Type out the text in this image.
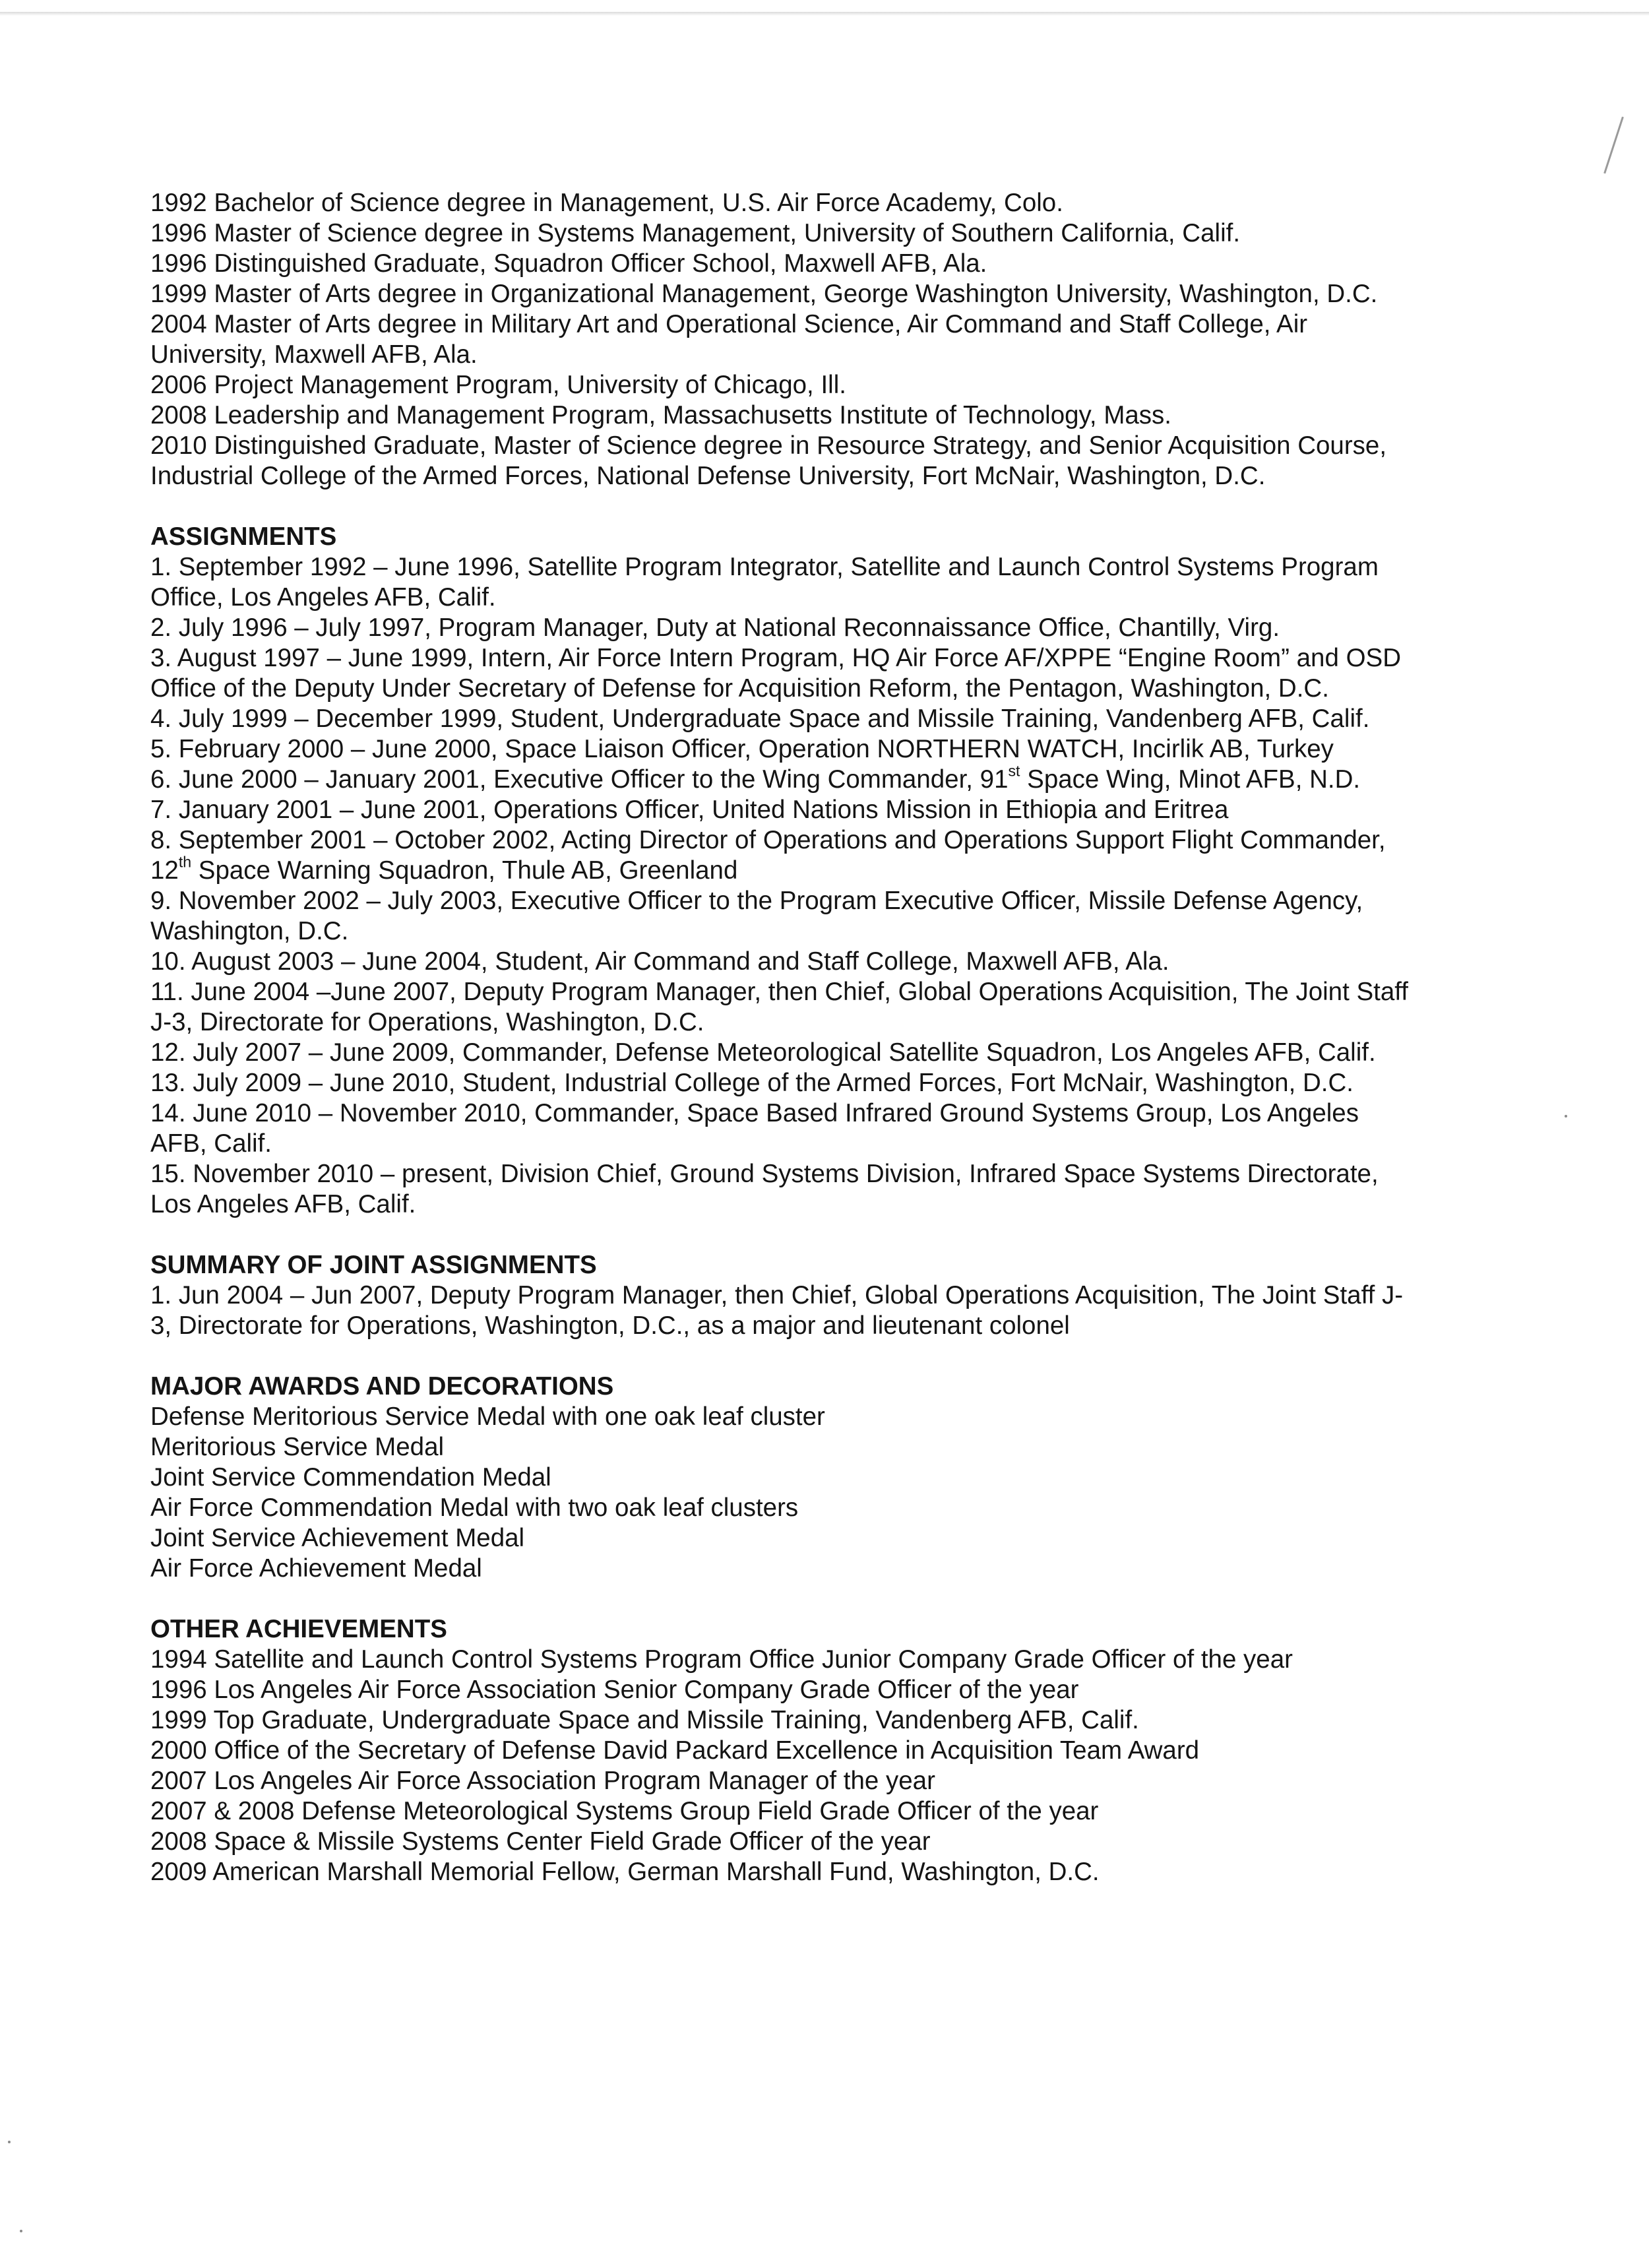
1992 Bachelor of Science degree in Management, U.S. Air Force Academy, Colo.
1996 Master of Science degree in Systems Management, University of Southern California, Calif.
1996 Distinguished Graduate, Squadron Officer School, Maxwell AFB, Ala.
1999 Master of Arts degree in Organizational Management, George Washington University, Washington, D.C.
2004 Master of Arts degree in Military Art and Operational Science, Air Command and Staff College, Air
University, Maxwell AFB, Ala.
2006 Project Management Program, University of Chicago, Ill.
2008 Leadership and Management Program, Massachusetts Institute of Technology, Mass.
2010 Distinguished Graduate, Master of Science degree in Resource Strategy, and Senior Acquisition Course,
Industrial College of the Armed Forces, National Defense University, Fort McNair, Washington, D.C.
ASSIGNMENTS
1. September 1992 – June 1996, Satellite Program Integrator, Satellite and Launch Control Systems Program
Office, Los Angeles AFB, Calif.
2. July 1996 – July 1997, Program Manager, Duty at National Reconnaissance Office, Chantilly, Virg.
3. August 1997 – June 1999, Intern, Air Force Intern Program, HQ Air Force AF/XPPE “Engine Room” and OSD
Office of the Deputy Under Secretary of Defense for Acquisition Reform, the Pentagon, Washington, D.C.
4. July 1999 – December 1999, Student, Undergraduate Space and Missile Training, Vandenberg AFB, Calif.
5. February 2000 – June 2000, Space Liaison Officer, Operation NORTHERN WATCH, Incirlik AB, Turkey
6. June 2000 – January 2001, Executive Officer to the Wing Commander, 91st Space Wing, Minot AFB, N.D.
7. January 2001 – June 2001, Operations Officer, United Nations Mission in Ethiopia and Eritrea
8. September 2001 – October 2002, Acting Director of Operations and Operations Support Flight Commander,
12th Space Warning Squadron, Thule AB, Greenland
9. November 2002 – July 2003, Executive Officer to the Program Executive Officer, Missile Defense Agency,
Washington, D.C.
10. August 2003 – June 2004, Student, Air Command and Staff College, Maxwell AFB, Ala.
11. June 2004 –June 2007, Deputy Program Manager, then Chief, Global Operations Acquisition, The Joint Staff
J-3, Directorate for Operations, Washington, D.C.
12. July 2007 – June 2009, Commander, Defense Meteorological Satellite Squadron, Los Angeles AFB, Calif.
13. July 2009 – June 2010, Student, Industrial College of the Armed Forces, Fort McNair, Washington, D.C.
14. June 2010 – November 2010, Commander, Space Based Infrared Ground Systems Group, Los Angeles
AFB, Calif.
15. November 2010 – present, Division Chief, Ground Systems Division, Infrared Space Systems Directorate,
Los Angeles AFB, Calif.
SUMMARY OF JOINT ASSIGNMENTS
1. Jun 2004 – Jun 2007, Deputy Program Manager, then Chief, Global Operations Acquisition, The Joint Staff J-
3, Directorate for Operations, Washington, D.C., as a major and lieutenant colonel
MAJOR AWARDS AND DECORATIONS
Defense Meritorious Service Medal with one oak leaf cluster
Meritorious Service Medal
Joint Service Commendation Medal
Air Force Commendation Medal with two oak leaf clusters
Joint Service Achievement Medal
Air Force Achievement Medal
OTHER ACHIEVEMENTS
1994 Satellite and Launch Control Systems Program Office Junior Company Grade Officer of the year
1996 Los Angeles Air Force Association Senior Company Grade Officer of the year
1999 Top Graduate, Undergraduate Space and Missile Training, Vandenberg AFB, Calif.
2000 Office of the Secretary of Defense David Packard Excellence in Acquisition Team Award
2007 Los Angeles Air Force Association Program Manager of the year
2007 & 2008 Defense Meteorological Systems Group Field Grade Officer of the year
2008 Space & Missile Systems Center Field Grade Officer of the year
2009 American Marshall Memorial Fellow, German Marshall Fund, Washington, D.C.
